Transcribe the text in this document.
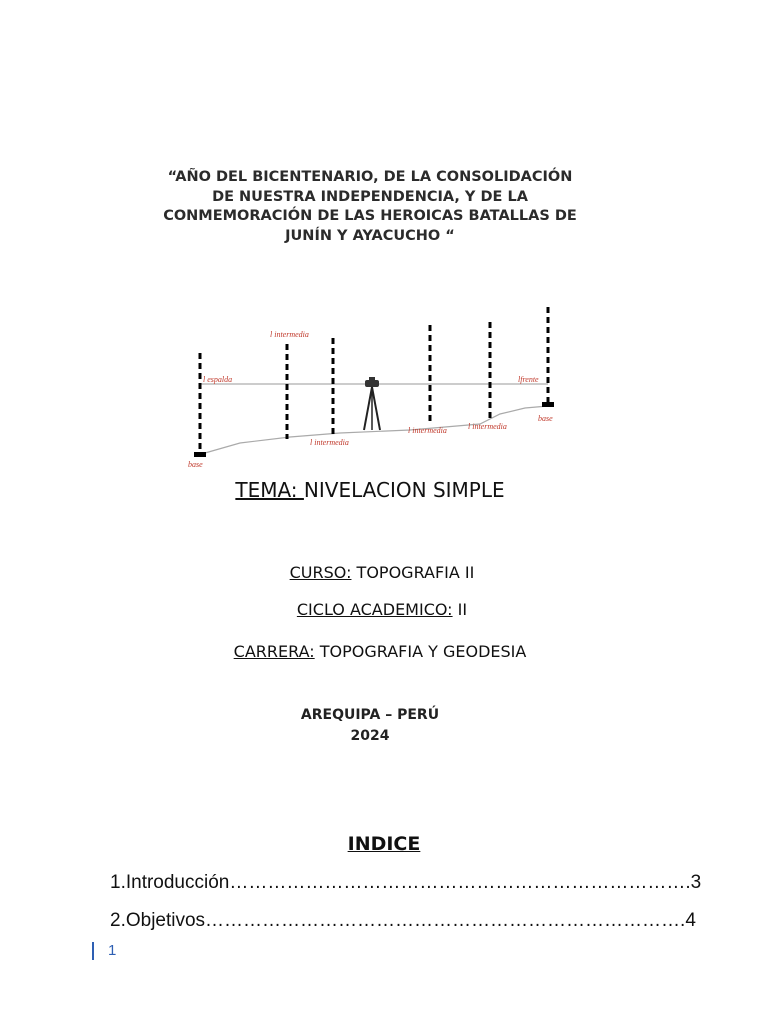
“AÑO DEL BICENTENARIO, DE LA CONSOLIDACIÓN DE NUESTRA INDEPENDENCIA, Y DE LA CONMEMORACIÓN DE LAS HEROICAS BATALLAS DE JUNÍN Y AYACUCHO “
l intermedia
l espalda	lfrente
l intermedia
l intermedia	l intermedia
base
base
TEMA: NIVELACION SIMPLE
CURSO: TOPOGRAFIA II
CICLO ACADEMICO: II
CARRERA: TOPOGRAFIA Y GEODESIA
AREQUIPA – PERÚ
2024
INDICE
1.Introducción……………………………………………………………….3
2.Objetivos………………………………………………………………….4
1
